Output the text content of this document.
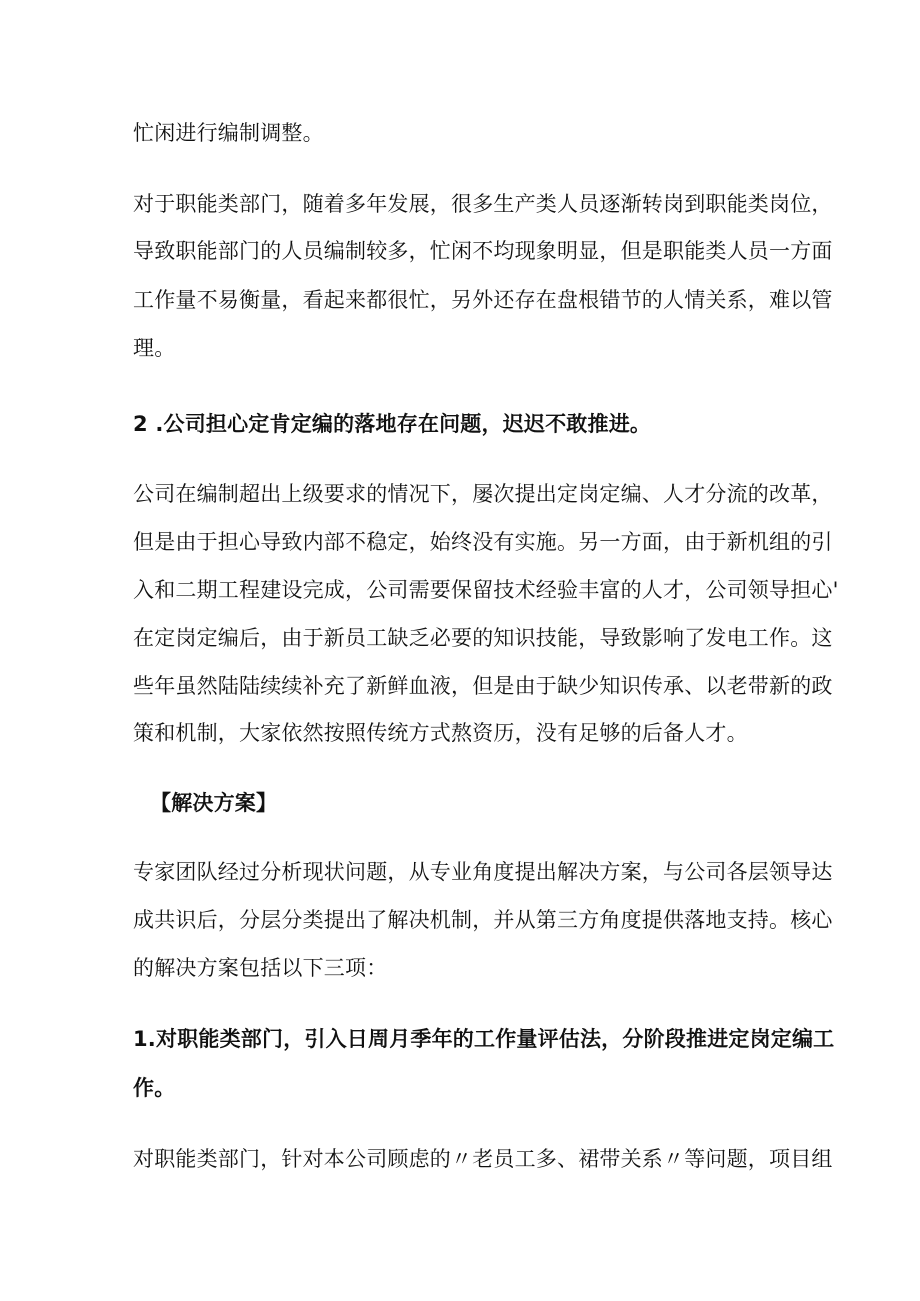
忙闲进行编制调整。
对于职能类部门，随着多年发展，很多生产类人员逐渐转岗到职能类岗位，
导致职能部门的人员编制较多，忙闲不均现象明显，但是职能类人员一方面
工作量不易衡量，看起来都很忙，另外还存在盘根错节的人情关系，难以管
理。
2 .公司担心定肯定编的落地存在问题，迟迟不敢推进。
公司在编制超出上级要求的情况下，屡次提出定岗定编、人才分流的改革，
但是由于担心导致内部不稳定，始终没有实施。另一方面，由于新机组的引
入和二期工程建设完成，公司需要保留技术经验丰富的人才，公司领导担心'
在定岗定编后，由于新员工缺乏必要的知识技能，导致影响了发电工作。这
些年虽然陆陆续续补充了新鲜血液，但是由于缺少知识传承、以老带新的政
策和机制，大家依然按照传统方式熬资历，没有足够的后备人才。
【解决方案】
专家团队经过分析现状问题，从专业角度提出解决方案，与公司各层领导达
成共识后，分层分类提出了解决机制，并从第三方角度提供落地支持。核心
的解决方案包括以下三项：
1.对职能类部门，引入日周月季年的工作量评估法，分阶段推进定岗定编工
作。
对职能类部门，针对本公司顾虑的〃老员工多、裙带关系〃等问题，项目组
